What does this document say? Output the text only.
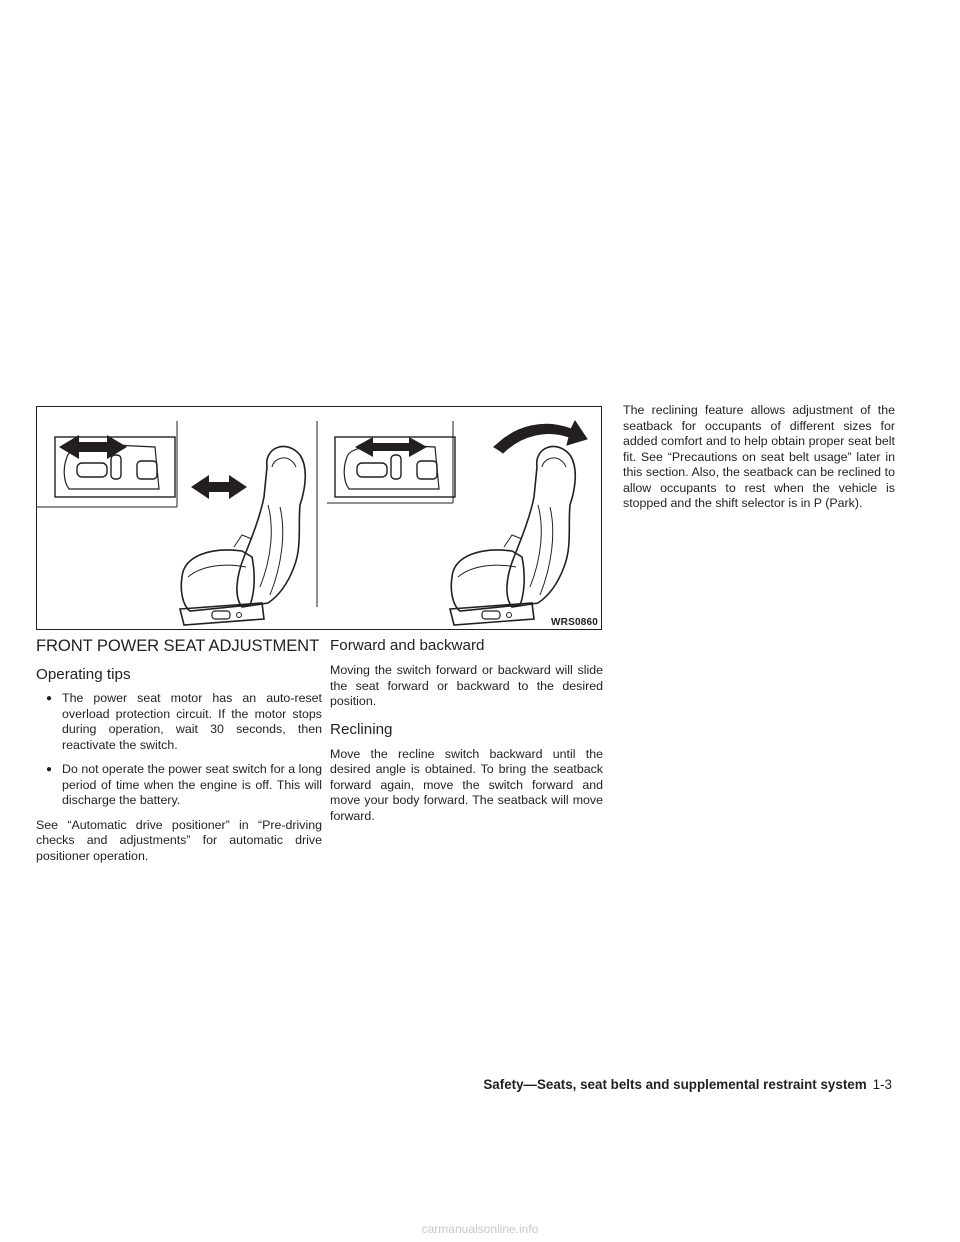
WRS0860
FRONT POWER SEAT ADJUSTMENT
Operating tips
● The power seat motor has an auto-reset overload protection circuit. If the motor stops during operation, wait 30 seconds, then reactivate the switch.
● Do not operate the power seat switch for a long period of time when the engine is off. This will discharge the battery.

See “Automatic drive positioner” in “Pre-driving checks and adjustments” for automatic drive positioner operation.

Forward and backward

Moving the switch forward or backward will slide the seat forward or backward to the desired position.

Reclining

Move the recline switch backward until the desired angle is obtained. To bring the seatback forward again, move the switch forward and move your body forward. The seatback will move forward.

The reclining feature allows adjustment of the seatback for occupants of different sizes for added comfort and to help obtain proper seat belt fit. See “Precautions on seat belt usage” later in this section. Also, the seatback can be reclined to allow occupants to rest when the vehicle is stopped and the shift selector is in P (Park).

Safety—Seats, seat belts and supplemental restraint system 1-3
carmanualsonline.info
